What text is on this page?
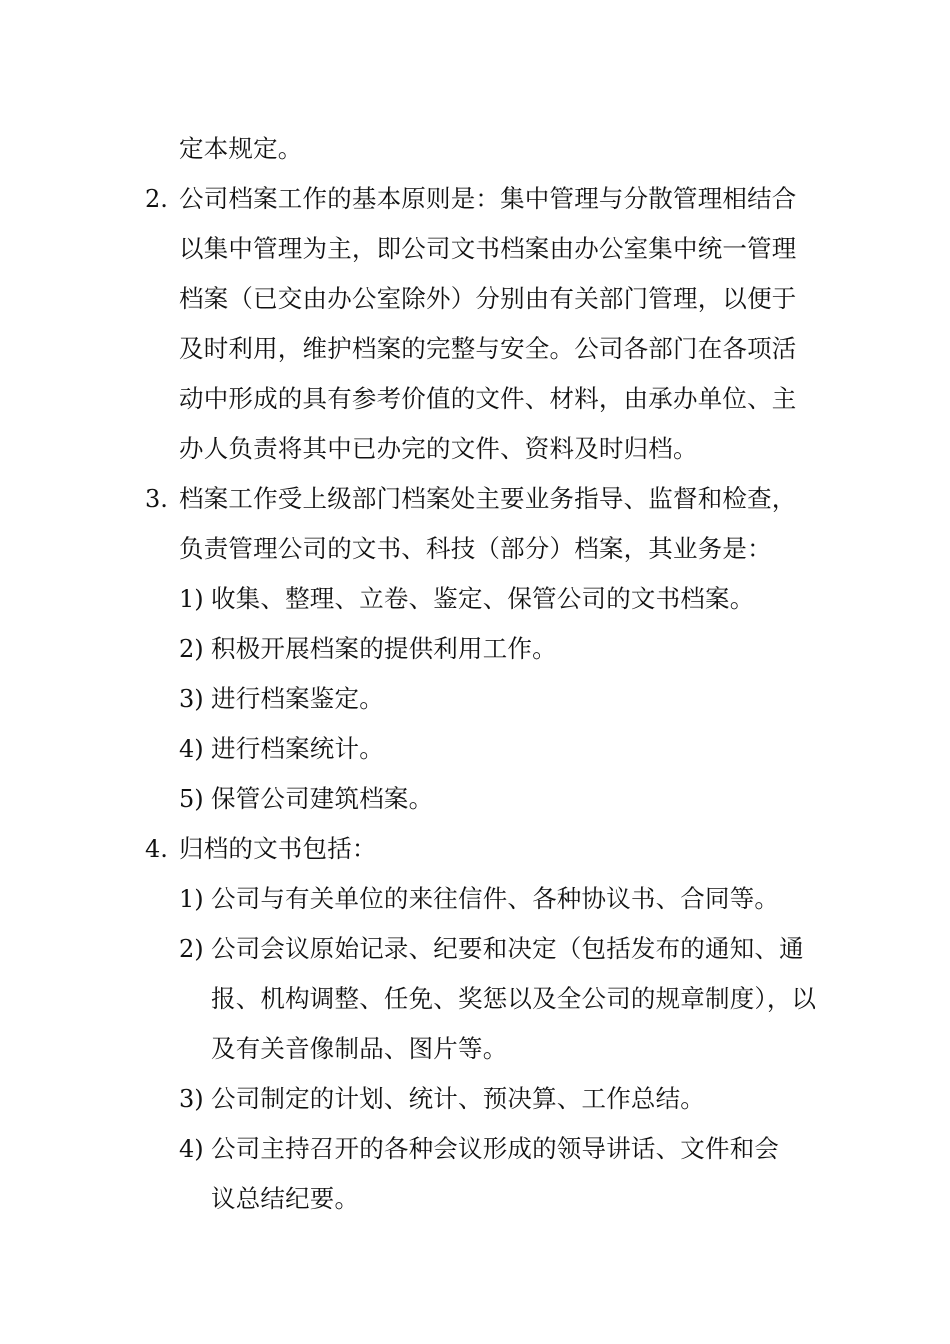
定本规定。
2. 公司档案工作的基本原则是：集中管理与分散管理相结合
以集中管理为主，即公司文书档案由办公室集中统一管理
档案（已交由办公室除外）分别由有关部门管理，以便于
及时利用，维护档案的完整与安全。公司各部门在各项活
动中形成的具有参考价值的文件、材料，由承办单位、主
办人负责将其中已办完的文件、资料及时归档。
3. 档案工作受上级部门档案处主要业务指导、监督和检查，
负责管理公司的文书、科技（部分）档案，其业务是：
1) 收集、整理、立卷、鉴定、保管公司的文书档案。
2) 积极开展档案的提供利用工作。
3) 进行档案鉴定。
4) 进行档案统计。
5) 保管公司建筑档案。
4. 归档的文书包括：
1) 公司与有关单位的来往信件、各种协议书、合同等。
2) 公司会议原始记录、纪要和决定（包括发布的通知、通
报、机构调整、任免、奖惩以及全公司的规章制度），以
及有关音像制品、图片等。
3) 公司制定的计划、统计、预决算、工作总结。
4) 公司主持召开的各种会议形成的领导讲话、文件和会
议总结纪要。
